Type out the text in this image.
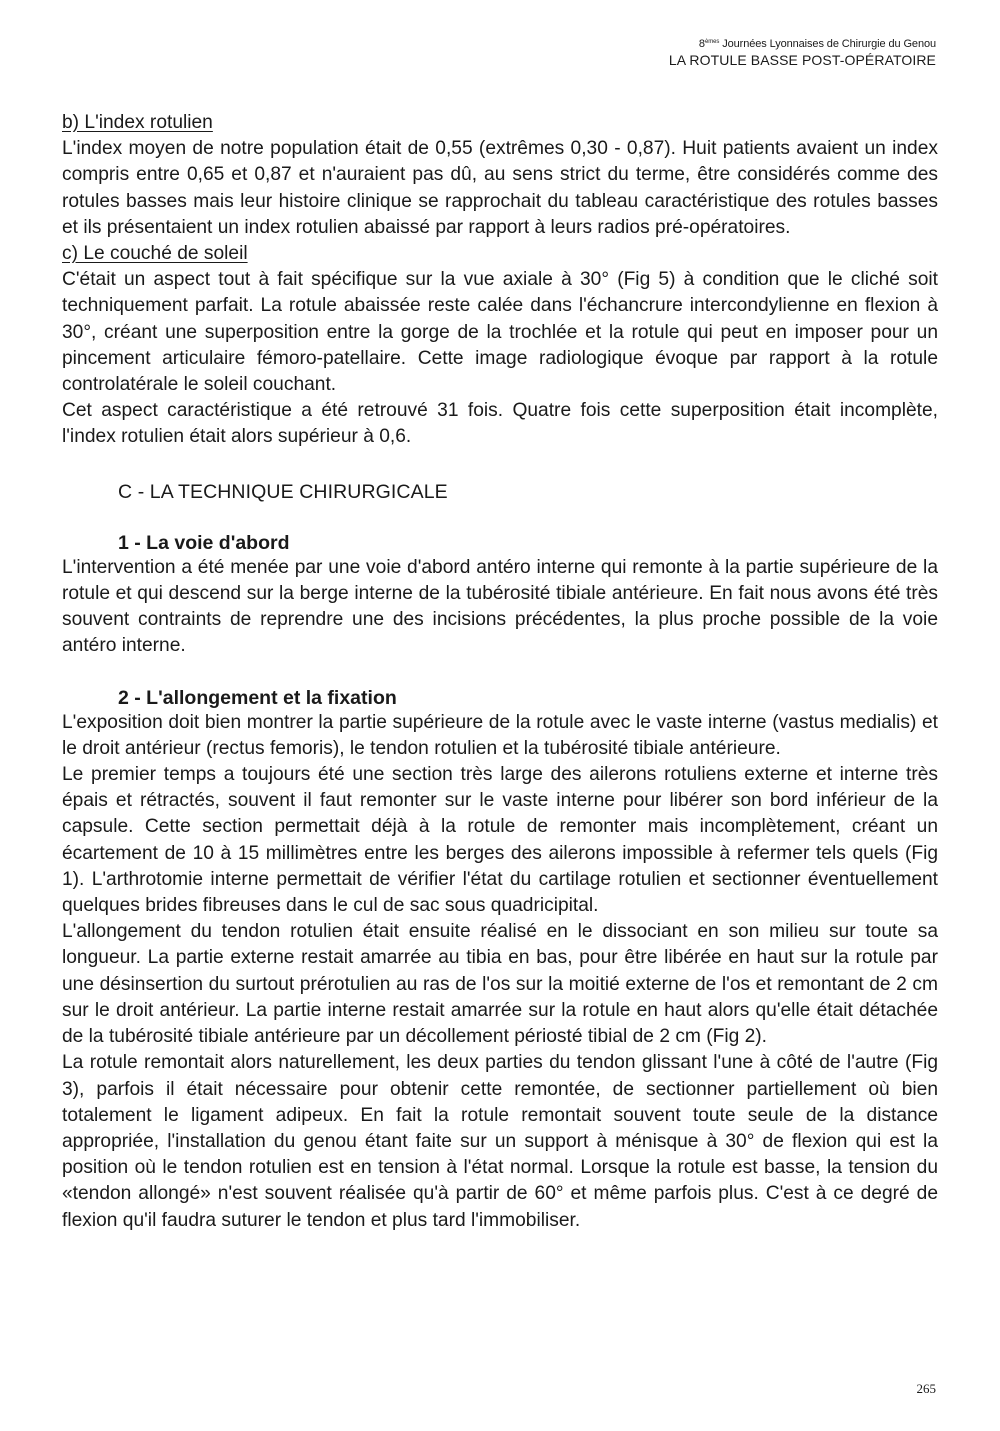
8èmes Journées Lyonnaises de Chirurgie du Genou
LA ROTULE BASSE POST-OPÉRATOIRE

b) L'index rotulien

L'index moyen de notre population était de 0,55 (extrêmes 0,30 - 0,87). Huit patients avaient un index compris entre 0,65 et 0,87 et n'auraient pas dû, au sens strict du terme, être considérés comme des rotules basses mais leur histoire clinique se rapprochait du tableau caractéristique des rotules basses et ils présentaient un index rotulien abaissé par rapport à leurs radios pré-opératoires.

c) Le couché de soleil

C'était un aspect tout à fait spécifique sur la vue axiale à 30° (Fig 5) à condition que le cliché soit techniquement parfait. La rotule abaissée reste calée dans l'échancrure intercondylienne en flexion à 30°, créant une superposition entre la gorge de la trochlée et la rotule qui peut en imposer pour un pincement articulaire fémoro-patellaire. Cette image radiologique évoque par rapport à la rotule controlatérale le soleil couchant.

Cet aspect caractéristique a été retrouvé 31 fois. Quatre fois cette superposition était incomplète, l'index rotulien était alors supérieur à 0,6.

C - LA TECHNIQUE CHIRURGICALE

1 - La voie d'abord

L'intervention a été menée par une voie d'abord antéro interne qui remonte à la partie supérieure de la rotule et qui descend sur la berge interne de la tubérosité tibiale antérieure. En fait nous avons été très souvent contraints de reprendre une des incisions précédentes, la plus proche possible de la voie antéro interne.

2 - L'allongement et la fixation

L'exposition doit bien montrer la partie supérieure de la rotule avec le vaste interne (vastus medialis) et le droit antérieur (rectus femoris), le tendon rotulien et la tubérosité tibiale antérieure.

Le premier temps a toujours été une section très large des ailerons rotuliens externe et interne très épais et rétractés, souvent il faut remonter sur le vaste interne pour libérer son bord inférieur de la capsule. Cette section permettait déjà à la rotule de remonter mais incomplètement, créant un écartement de 10 à 15 millimètres entre les berges des ailerons impossible à refermer tels quels (Fig 1). L'arthrotomie interne permettait de vérifier l'état du cartilage rotulien et sectionner éventuellement quelques brides fibreuses dans le cul de sac sous quadricipital.

L'allongement du tendon rotulien était ensuite réalisé en le dissociant en son milieu sur toute sa longueur. La partie externe restait amarrée au tibia en bas, pour être libérée en haut sur la rotule par une désinsertion du surtout prérotulien au ras de l'os sur la moitié externe de l'os et remontant de 2 cm sur le droit antérieur. La partie interne restait amarrée sur la rotule en haut alors qu'elle était détachée de la tubérosité tibiale antérieure par un décollement périosté tibial de 2 cm (Fig 2).

La rotule remontait alors naturellement, les deux parties du tendon glissant l'une à côté de l'autre (Fig 3), parfois il était nécessaire pour obtenir cette remontée, de sectionner partiellement où bien totalement le ligament adipeux. En fait la rotule remontait souvent toute seule de la distance appropriée, l'installation du genou étant faite sur un support à ménisque à 30° de flexion qui est la position où le tendon rotulien est en tension à l'état normal. Lorsque la rotule est basse, la tension du «tendon allongé» n'est souvent réalisée qu'à partir de 60° et même parfois plus. C'est à ce degré de flexion qu'il faudra suturer le tendon et plus tard l'immobiliser.

265
